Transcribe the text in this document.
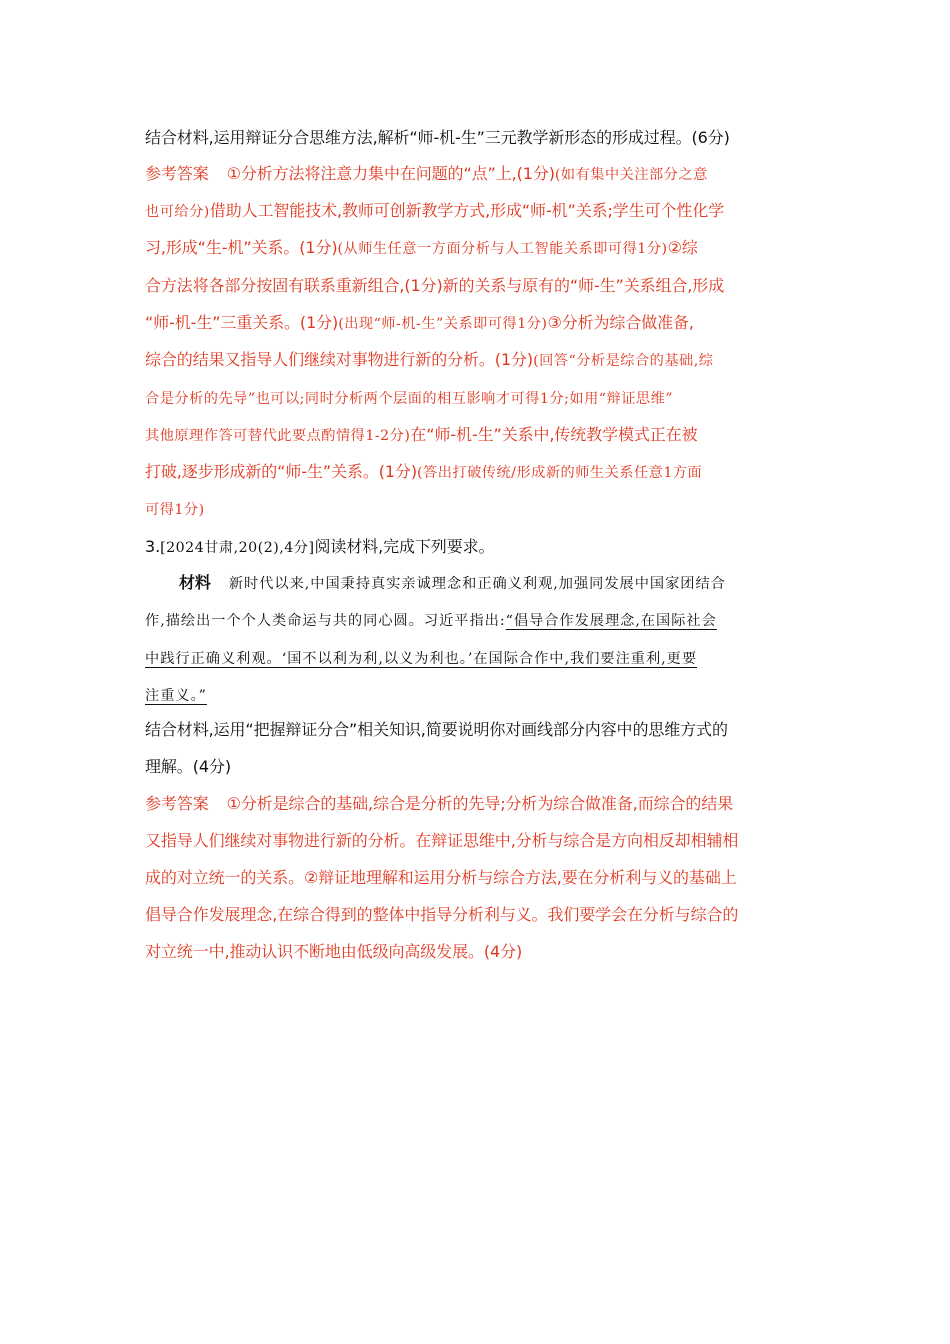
结合材料,运用辩证分合思维方法,解析“师-机-生”三元教学新形态的形成过程。(6分)
参考答案 ①分析方法将注意力集中在问题的“点”上,(1分)(如有集中关注部分之意
也可给分)借助人工智能技术,教师可创新教学方式,形成“师-机”关系;学生可个性化学
习,形成“生-机”关系。(1分)(从师生任意一方面分析与人工智能关系即可得1分)②综
合方法将各部分按固有联系重新组合,(1分)新的关系与原有的“师-生”关系组合,形成
“师-机-生”三重关系。(1分)(出现“师-机-生”关系即可得1分)③分析为综合做准备,
综合的结果又指导人们继续对事物进行新的分析。(1分)(回答“分析是综合的基础,综
合是分析的先导”也可以;同时分析两个层面的相互影响才可得1分;如用“辩证思维”
其他原理作答可替代此要点酌情得1-2分)在“师-机-生”关系中,传统教学模式正在被
打破,逐步形成新的“师-生”关系。(1分)(答出打破传统/形成新的师生关系任意1方面
可得1分)
3.[2024甘肃,20(2),4分]阅读材料,完成下列要求。
材料 新时代以来,中国秉持真实亲诚理念和正确义利观,加强同发展中国家团结合
作,描绘出一个个人类命运与共的同心圆。习近平指出:“倡导合作发展理念,在国际社会
中践行正确义利观。‘国不以利为利,以义为利也。’在国际合作中,我们要注重利,更要
注重义。”
结合材料,运用“把握辩证分合”相关知识,简要说明你对画线部分内容中的思维方式的
理解。(4分)
参考答案 ①分析是综合的基础,综合是分析的先导;分析为综合做准备,而综合的结果
又指导人们继续对事物进行新的分析。在辩证思维中,分析与综合是方向相反却相辅相
成的对立统一的关系。②辩证地理解和运用分析与综合方法,要在分析利与义的基础上
倡导合作发展理念,在综合得到的整体中指导分析利与义。我们要学会在分析与综合的
对立统一中,推动认识不断地由低级向高级发展。(4分)
